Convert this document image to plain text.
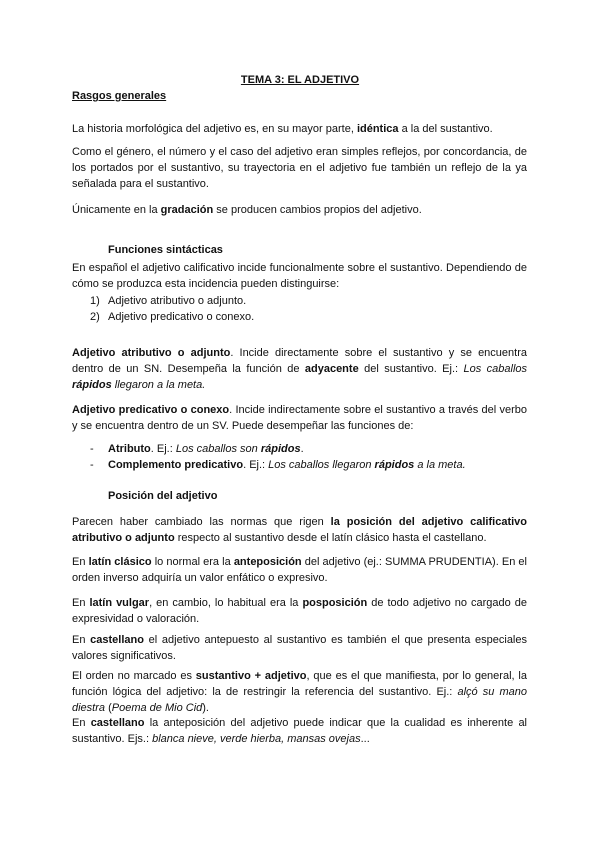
TEMA 3: EL ADJETIVO

Rasgos generales

La historia morfológica del adjetivo es, en su mayor parte, idéntica a la del sustantivo.

Como el género, el número y el caso del adjetivo eran simples reflejos, por concordancia, de los portados por el sustantivo, su trayectoria en el adjetivo fue también un reflejo de la ya señalada para el sustantivo.

Únicamente en la gradación se producen cambios propios del adjetivo.

Funciones sintácticas

En español el adjetivo calificativo incide funcionalmente sobre el sustantivo. Dependiendo de cómo se produzca esta incidencia pueden distinguirse:

1) Adjetivo atributivo o adjunto.
2) Adjetivo predicativo o conexo.

Adjetivo atributivo o adjunto. Incide directamente sobre el sustantivo y se encuentra dentro de un SN. Desempeña la función de adyacente del sustantivo. Ej.: Los caballos rápidos llegaron a la meta.

Adjetivo predicativo o conexo. Incide indirectamente sobre el sustantivo a través del verbo y se encuentra dentro de un SV. Puede desempeñar las funciones de:

- Atributo. Ej.: Los caballos son rápidos.
- Complemento predicativo. Ej.: Los caballos llegaron rápidos a la meta.

Posición del adjetivo

Parecen haber cambiado las normas que rigen la posición del adjetivo calificativo atributivo o adjunto respecto al sustantivo desde el latín clásico hasta el castellano.

En latín clásico lo normal era la anteposición del adjetivo (ej.: SUMMA PRUDENTIA). En el orden inverso adquiría un valor enfático o expresivo.

En latín vulgar, en cambio, lo habitual era la posposición de todo adjetivo no cargado de expresividad o valoración.

En castellano el adjetivo antepuesto al sustantivo es también el que presenta especiales valores significativos.

El orden no marcado es sustantivo + adjetivo, que es el que manifiesta, por lo general, la función lógica del adjetivo: la de restringir la referencia del sustantivo. Ej.: alçó su mano diestra (Poema de Mio Cid).

En castellano la anteposición del adjetivo puede indicar que la cualidad es inherente al sustantivo. Ejs.: blanca nieve, verde hierba, mansas ovejas...
